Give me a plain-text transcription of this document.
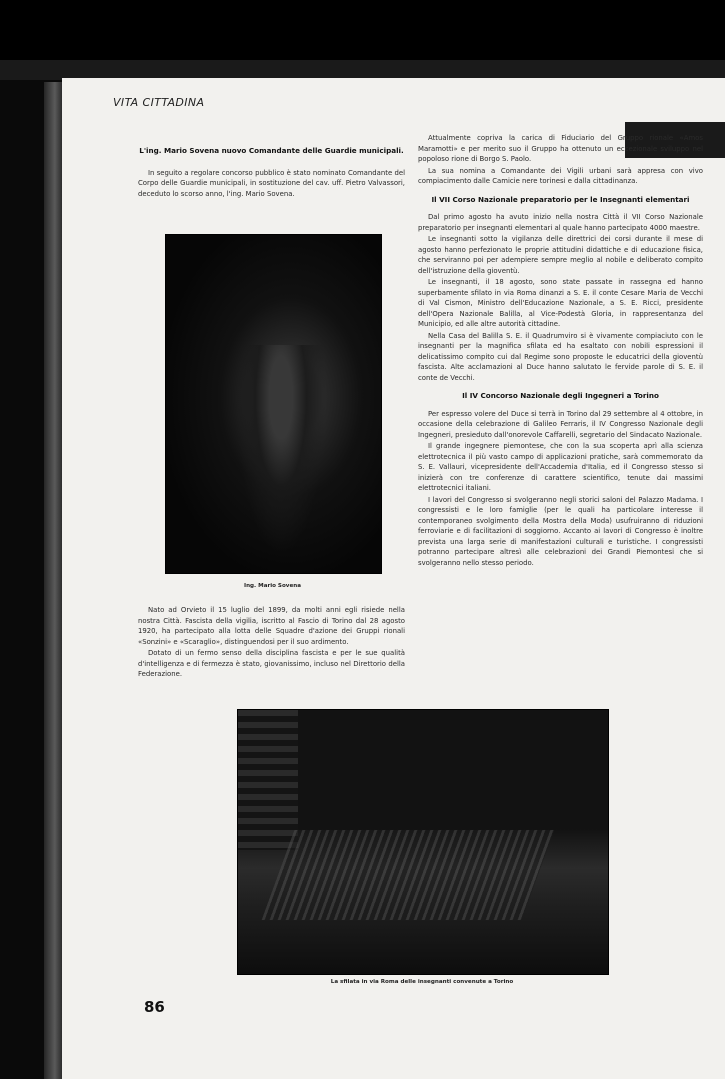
VITA CITTADINA
L'ing. Mario Sovena nuovo Comandante delle Guardie municipali.

In seguito a regolare concorso pubblico è stato nominato Comandante del Corpo delle Guardie municipali, in sostituzione del cav. uff. Pietro Valvassori, deceduto lo scorso anno, l'ing. Mario Sovena.

Ing. Mario Sovena

Nato ad Orvieto il 15 luglio del 1899, da molti anni egli risiede nella nostra Città. Fascista della vigilia, iscritto al Fascio di Torino dal 28 agosto 1920, ha partecipato alla lotta delle Squadre d'azione dei Gruppi rionali «Sonzini» e «Scaraglio», distinguendosi per il suo ardimento.

Dotato di un fermo senso della disciplina fascista e per le sue qualità d'intelligenza e di fermezza è stato, giovanissimo, incluso nel Direttorio della Federazione.

Attualmente copriva la carica di Fiduciario del Gruppo rionale «Amos Maramotti» e per merito suo il Gruppo ha ottenuto un eccezionale sviluppo nel popoloso rione di Borgo S. Paolo.

La sua nomina a Comandante dei Vigili urbani sarà appresa con vivo compiacimento dalle Camicie nere torinesi e dalla cittadinanza.

Il VII Corso Nazionale preparatorio per le Insegnanti elementari

Dal primo agosto ha avuto inizio nella nostra Città il VII Corso Nazionale preparatorio per insegnanti elementari al quale hanno partecipato 4000 maestre.

Le insegnanti sotto la vigilanza delle direttrici dei corsi durante il mese di agosto hanno perfezionato le proprie attitudini didattiche e di educazione fisica, che serviranno poi per adempiere sempre meglio al nobile e deliberato compito dell'istruzione della gioventù.

Le insegnanti, il 18 agosto, sono state passate in rassegna ed hanno superbamente sfilato in via Roma dinanzi a S. E. il conte Cesare Maria de Vecchi di Val Cismon, Ministro dell'Educazione Nazionale, a S. E. Ricci, presidente dell'Opera Nazionale Balilla, al Vice-Podestà Gloria, in rappresentanza del Municipio, ed alle altre autorità cittadine.

Nella Casa del Balilla S. E. il Quadrumviro si è vivamente compiaciuto con le insegnanti per la magnifica sfilata ed ha esaltato con nobili espressioni il delicatissimo compito cui dal Regime sono proposte le educatrici della gioventù fascista. Alte acclamazioni al Duce hanno salutato le fervide parole di S. E. il conte de Vecchi.

Il IV Concorso Nazionale degli Ingegneri a Torino

Per espresso volere del Duce si terrà in Torino dal 29 settembre al 4 ottobre, in occasione della celebrazione di Galileo Ferraris, il IV Congresso Nazionale degli Ingegneri, presieduto dall'onorevole Caffarelli, segretario del Sindacato Nazionale.

Il grande ingegnere piemontese, che con la sua scoperta aprì alla scienza elettrotecnica il più vasto campo di applicazioni pratiche, sarà commemorato da S. E. Vallauri, vicepresidente dell'Accademia d'Italia, ed il Congresso stesso si inizierà con tre conferenze di carattere scientifico, tenute dai massimi elettrotecnici italiani.

I lavori del Congresso si svolgeranno negli storici saloni del Palazzo Madama. I congressisti e le loro famiglie (per le quali ha particolare interesse il contemporaneo svolgimento della Mostra della Moda) usufruiranno di riduzioni ferroviarie e di facilitazioni di soggiorno. Accanto ai lavori di Congresso è inoltre prevista una larga serie di manifestazioni culturali e turistiche. I congressisti potranno partecipare altresì alle celebrazioni dei Grandi Piemontesi che si svolgeranno nello stesso periodo.

La sfilata in via Roma delle insegnanti convenute a Torino
86
